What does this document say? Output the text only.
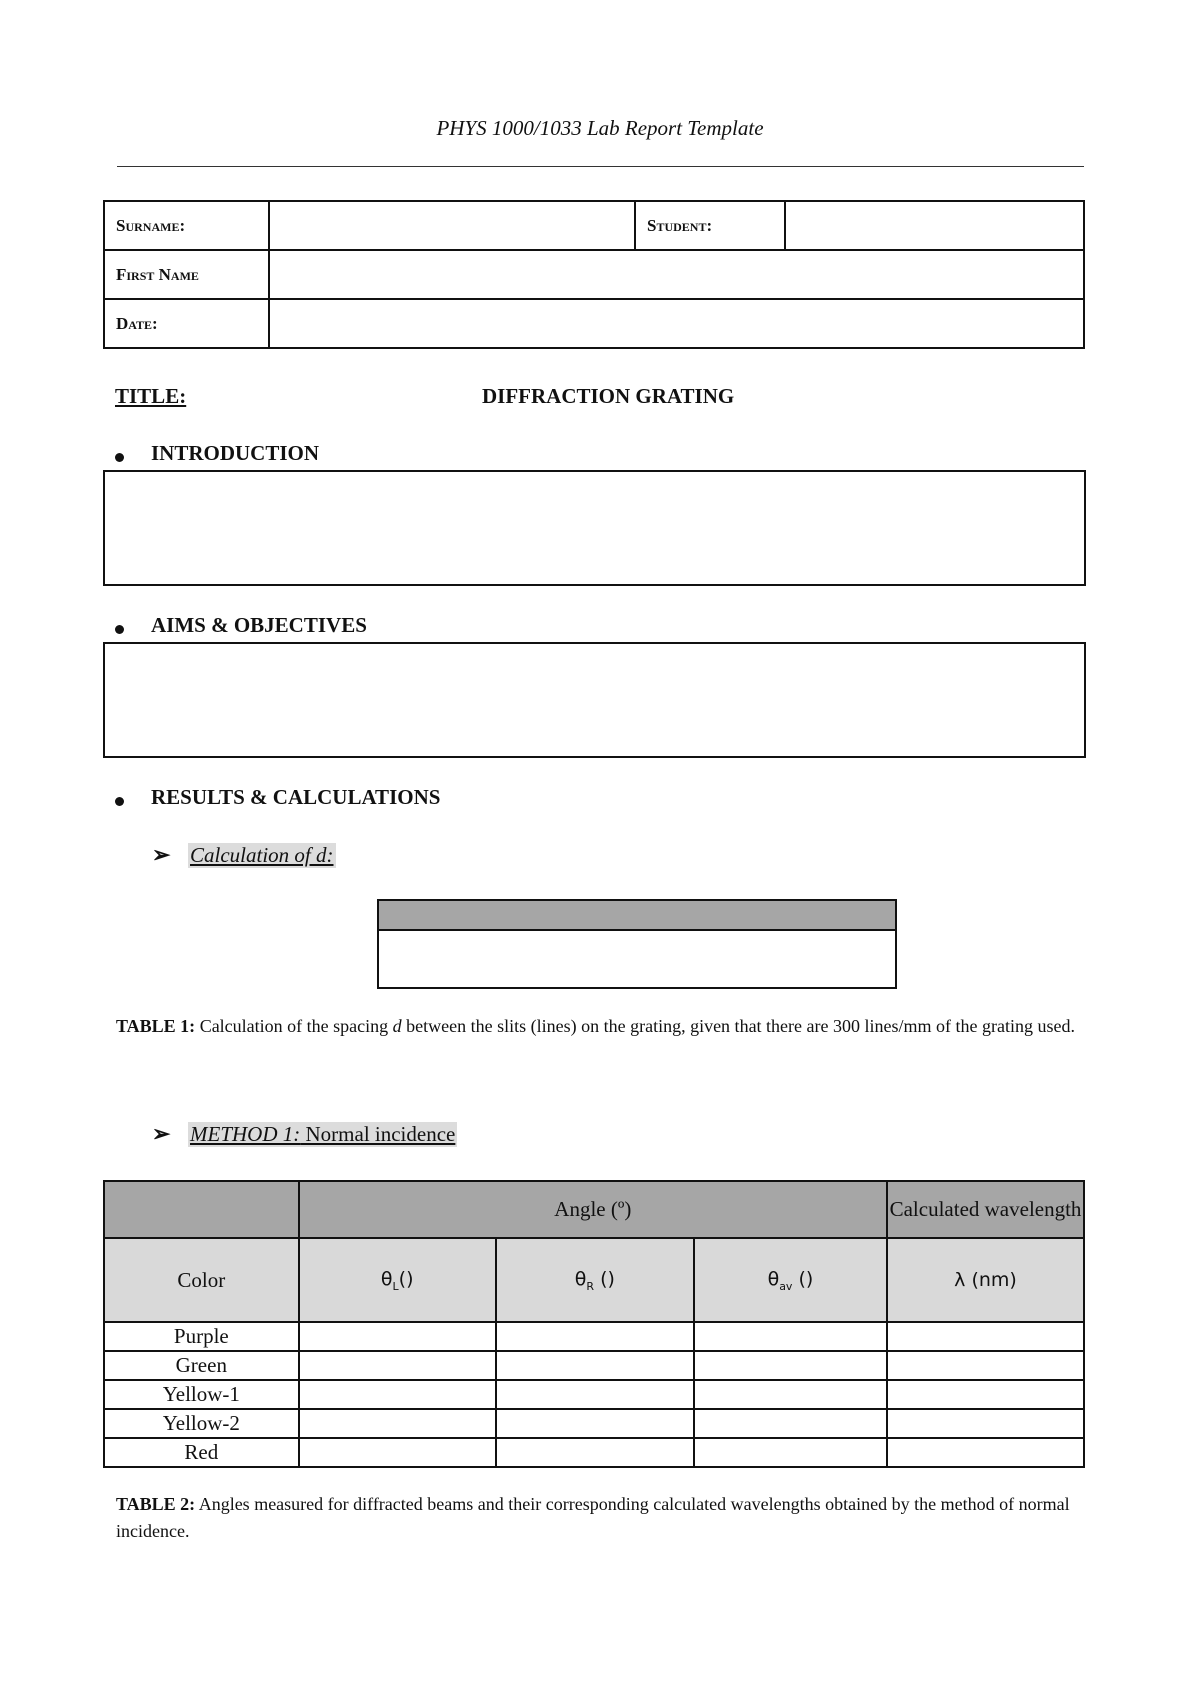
PHYS 1000/1033 Lab Report Template
Surname:		Student:	
First Name			
Date:			
TITLE:	DIFFRACTION GRATING
INTRODUCTION
AIMS & OBJECTIVES
RESULTS & CALCULATIONS
➢ Calculation of d:
TABLE 1: Calculation of the spacing d between the slits (lines) on the grating, given that there are 300 lines/mm of the grating used.
➢ METHOD 1: Normal incidence
	Angle (º)			Calculated wavelength
Color	$\theta_L()$	$\theta_R$ ()	$\theta_{av}$ ()	λ (nm)
Purple				
Green				
Yellow-1				
Yellow-2				
Red				
TABLE 2: Angles measured for diffracted beams and their corresponding calculated wavelengths obtained by the method of normal incidence.
